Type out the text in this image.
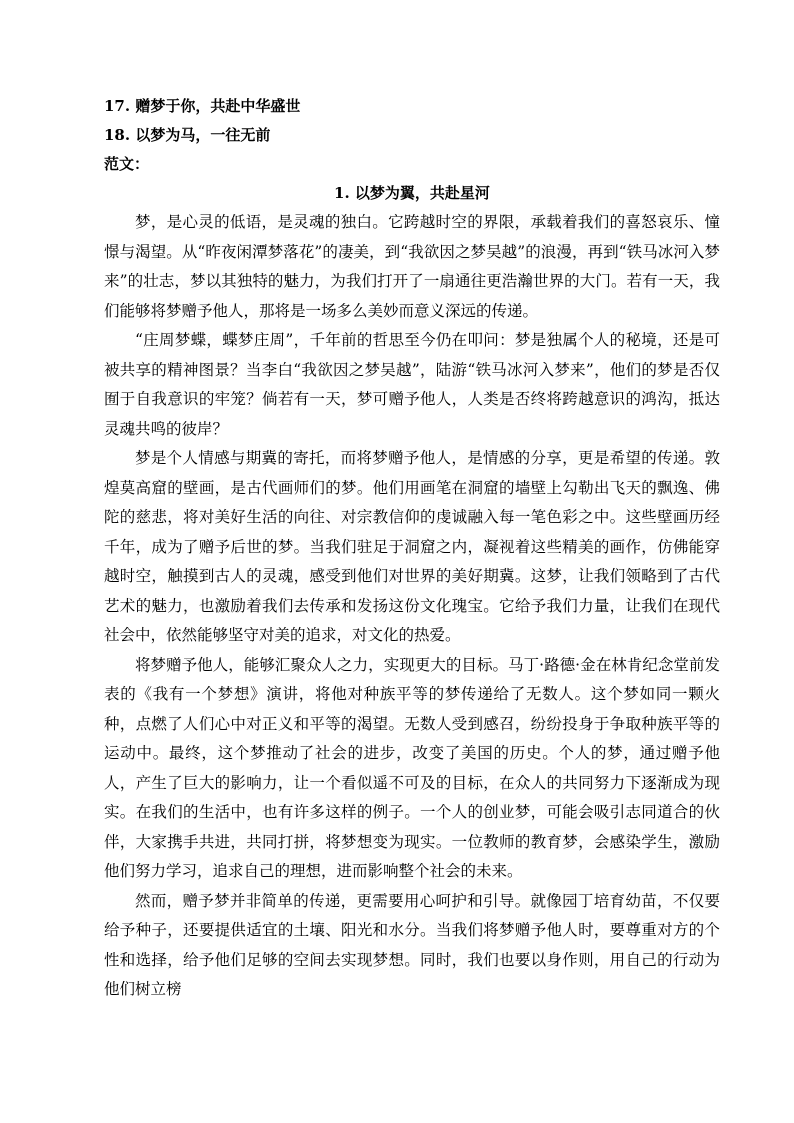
17. 赠梦于你，共赴中华盛世

18. 以梦为马，一往无前

范文：

1. 以梦为翼，共赴星河

梦，是心灵的低语，是灵魂的独白。它跨越时空的界限，承载着我们的喜怒哀乐、憧憬与渴望。从“昨夜闲潭梦落花”的凄美，到“我欲因之梦吴越”的浪漫，再到“铁马冰河入梦来”的壮志，梦以其独特的魅力，为我们打开了一扇通往更浩瀚世界的大门。若有一天，我们能够将梦赠予他人，那将是一场多么美妙而意义深远的传递。

“庄周梦蝶，蝶梦庄周”，千年前的哲思至今仍在叩问：梦是独属个人的秘境，还是可被共享的精神图景？当李白“我欲因之梦吴越”，陆游“铁马冰河入梦来”，他们的梦是否仅囿于自我意识的牢笼？倘若有一天，梦可赠予他人，人类是否终将跨越意识的鸿沟，抵达灵魂共鸣的彼岸？

梦是个人情感与期冀的寄托，而将梦赠予他人，是情感的分享，更是希望的传递。敦煌莫高窟的壁画，是古代画师们的梦。他们用画笔在洞窟的墙壁上勾勒出飞天的飘逸、佛陀的慈悲，将对美好生活的向往、对宗教信仰的虔诚融入每一笔色彩之中。这些壁画历经千年，成为了赠予后世的梦。当我们驻足于洞窟之内，凝视着这些精美的画作，仿佛能穿越时空，触摸到古人的灵魂，感受到他们对世界的美好期冀。这梦，让我们领略到了古代艺术的魅力，也激励着我们去传承和发扬这份文化瑰宝。它给予我们力量，让我们在现代社会中，依然能够坚守对美的追求，对文化的热爱。

将梦赠予他人，能够汇聚众人之力，实现更大的目标。马丁·路德·金在林肯纪念堂前发表的《我有一个梦想》演讲，将他对种族平等的梦传递给了无数人。这个梦如同一颗火种，点燃了人们心中对正义和平等的渴望。无数人受到感召，纷纷投身于争取种族平等的运动中。最终，这个梦推动了社会的进步，改变了美国的历史。个人的梦，通过赠予他人，产生了巨大的影响力，让一个看似遥不可及的目标，在众人的共同努力下逐渐成为现实。在我们的生活中，也有许多这样的例子。一个人的创业梦，可能会吸引志同道合的伙伴，大家携手共进，共同打拼，将梦想变为现实。一位教师的教育梦，会感染学生，激励他们努力学习，追求自己的理想，进而影响整个社会的未来。

然而，赠予梦并非简单的传递，更需要用心呵护和引导。就像园丁培育幼苗，不仅要给予种子，还要提供适宜的土壤、阳光和水分。当我们将梦赠予他人时，要尊重对方的个性和选择，给予他们足够的空间去实现梦想。同时，我们也要以身作则，用自己的行动为他们树立榜
